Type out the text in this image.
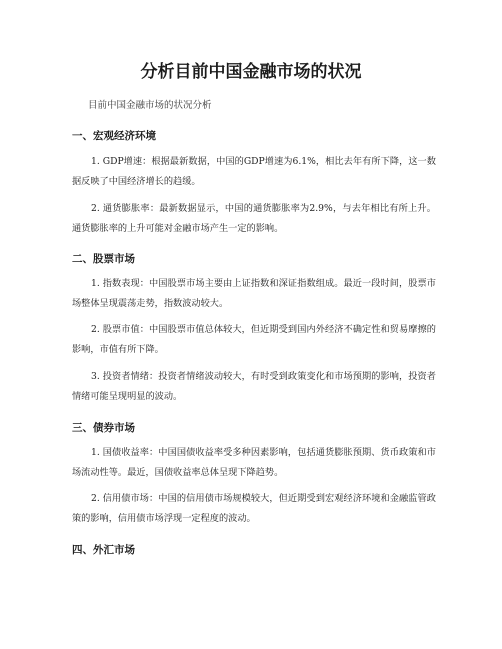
分析目前中国金融市场的状况

目前中国金融市场的状况分析

一、宏观经济环境

1. GDP增速：根据最新数据，中国的GDP增速为6.1%，相比去年有所下降，这一数据反映了中国经济增长的趋缓。

2. 通货膨胀率：最新数据显示，中国的通货膨胀率为2.9%，与去年相比有所上升。通货膨胀率的上升可能对金融市场产生一定的影响。

二、股票市场

1. 指数表现：中国股票市场主要由上证指数和深证指数组成。最近一段时间，股票市场整体呈现震荡走势，指数波动较大。

2. 股票市值：中国股票市值总体较大，但近期受到国内外经济不确定性和贸易摩擦的影响，市值有所下降。

3. 投资者情绪：投资者情绪波动较大，有时受到政策变化和市场预期的影响，投资者情绪可能呈现明显的波动。

三、债券市场

1. 国债收益率：中国国债收益率受多种因素影响，包括通货膨胀预期、货币政策和市场流动性等。最近，国债收益率总体呈现下降趋势。

2. 信用债市场：中国的信用债市场规模较大，但近期受到宏观经济环境和金融监管政策的影响，信用债市场浮现一定程度的波动。

四、外汇市场
